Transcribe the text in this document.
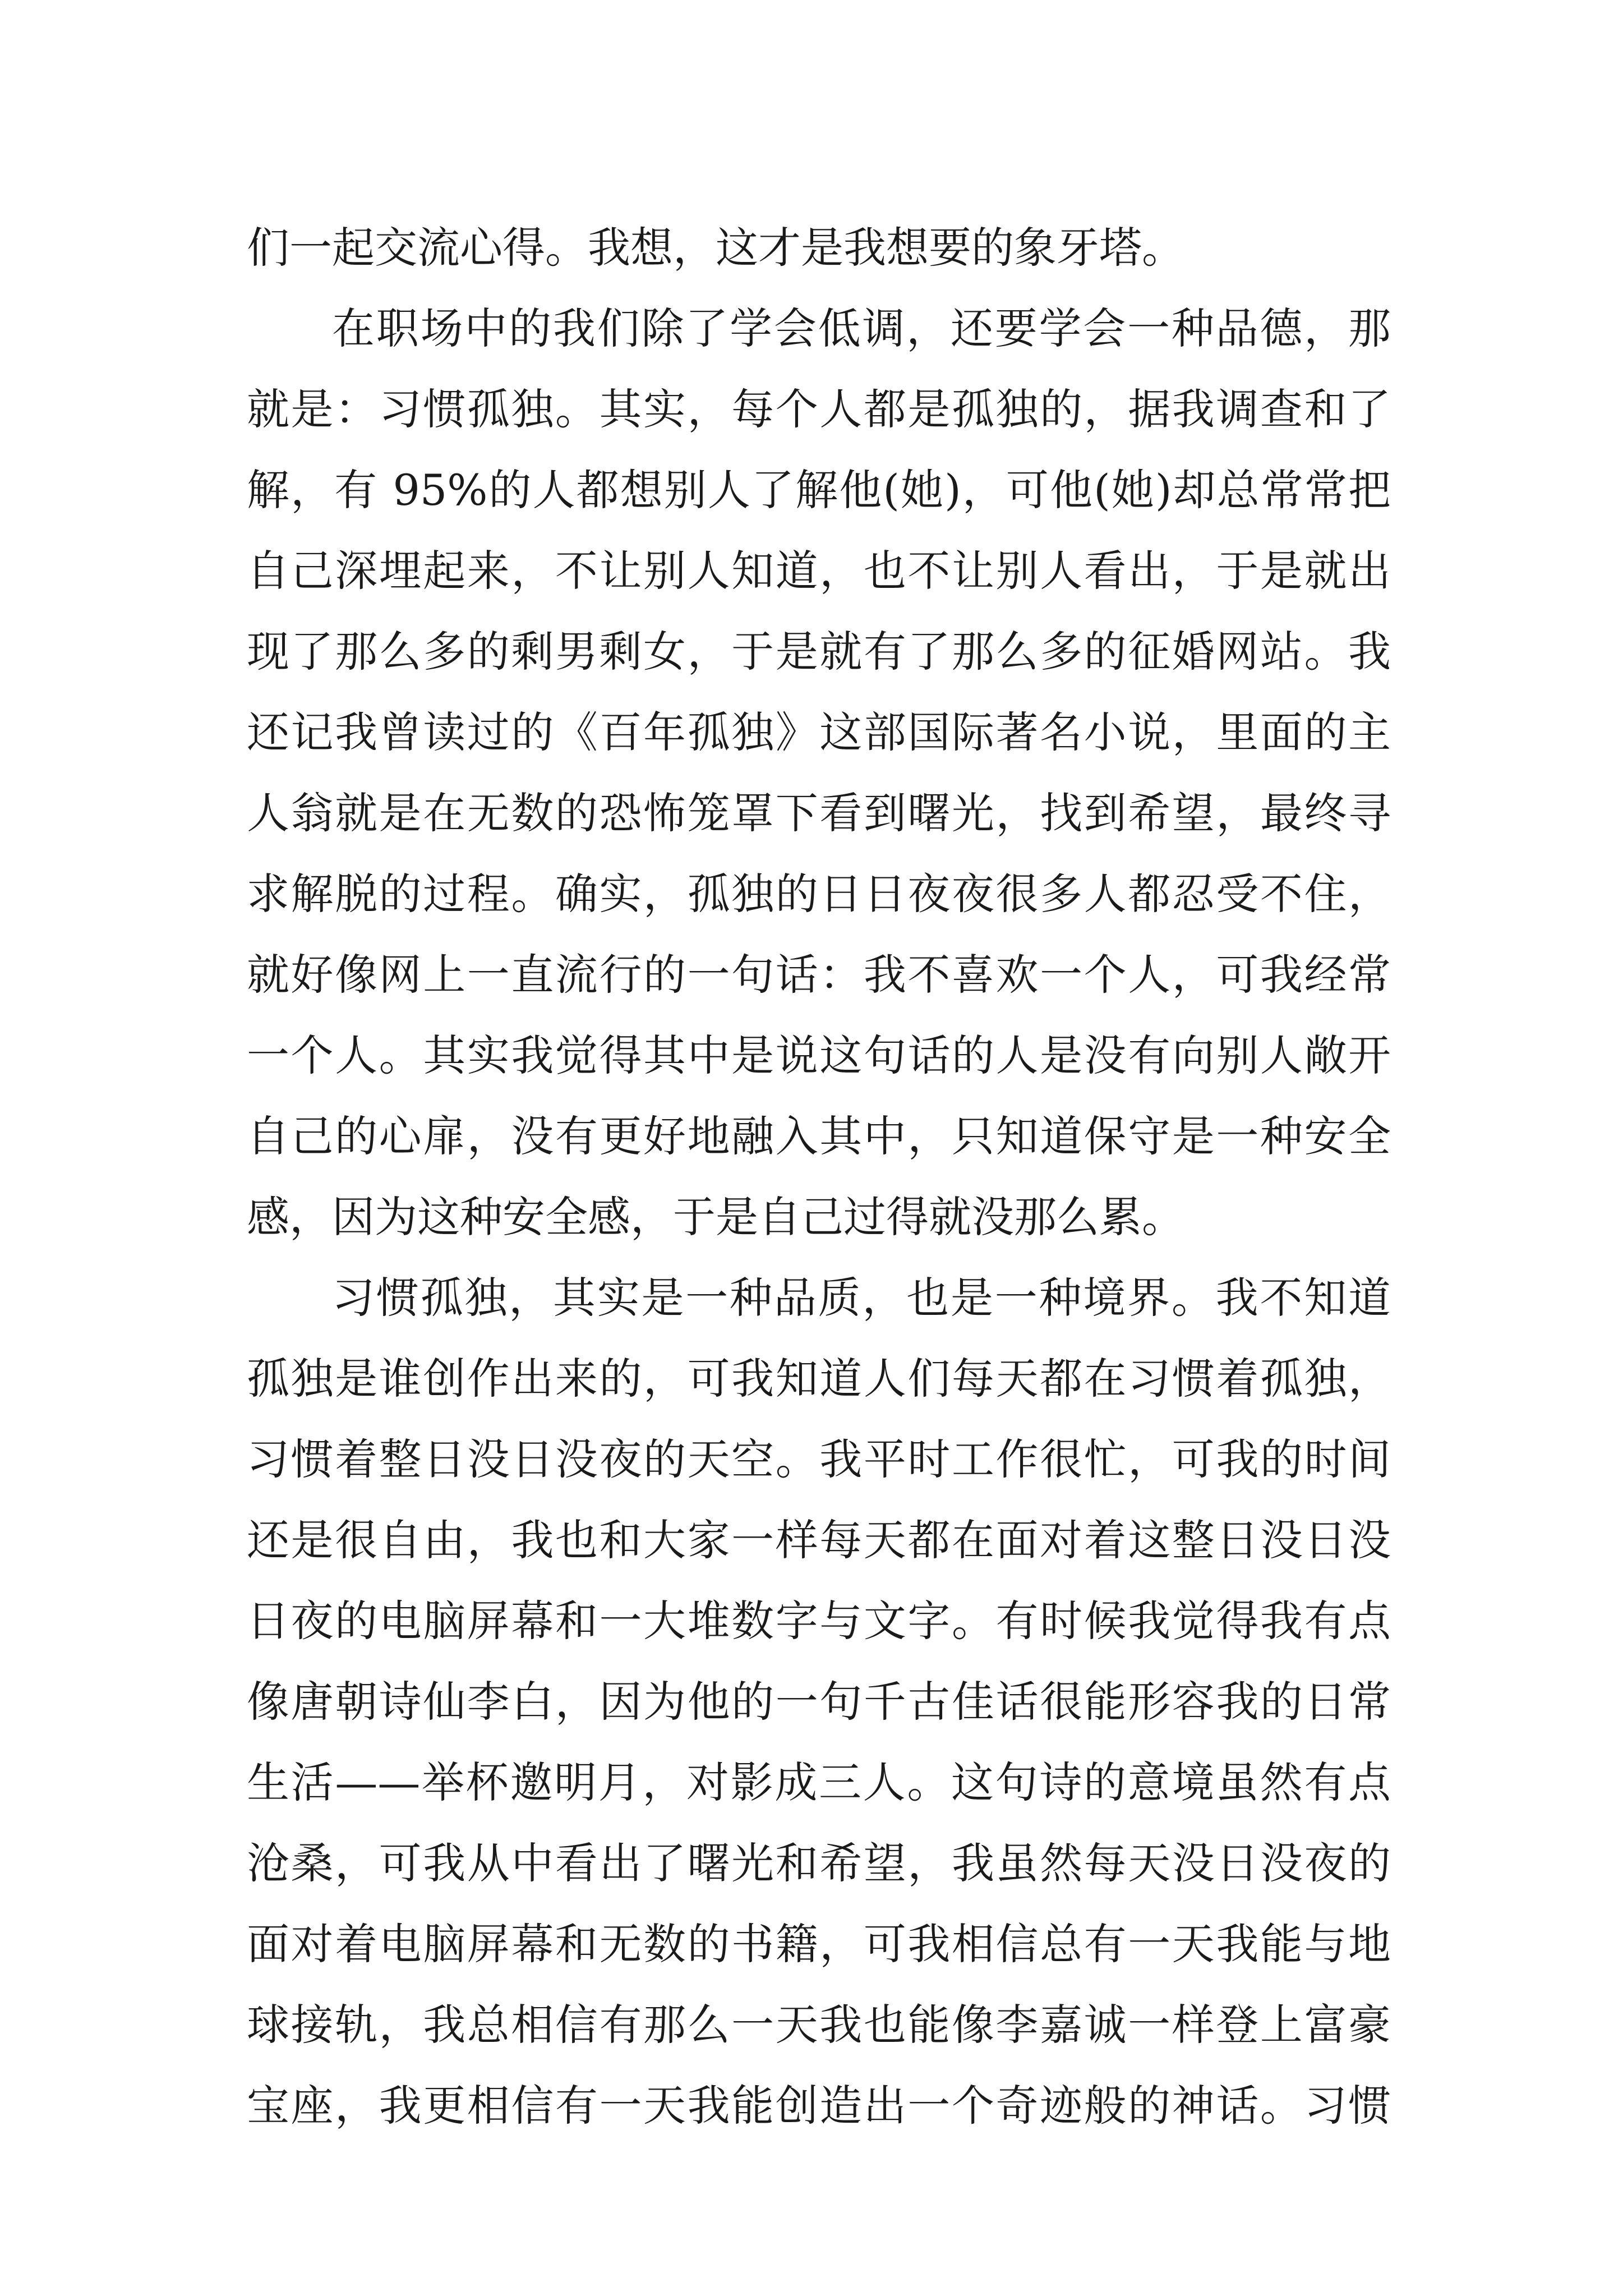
们一起交流心得。我想，这才是我想要的象牙塔。
在职场中的我们除了学会低调，还要学会一种品德，那
就是：习惯孤独。其实，每个人都是孤独的，据我调查和了
解，有 95%的人都想别人了解他(她)，可他(她)却总常常把
自己深埋起来，不让别人知道，也不让别人看出，于是就出
现了那么多的剩男剩女，于是就有了那么多的征婚网站。我
还记我曾读过的《百年孤独》这部国际著名小说，里面的主
人翁就是在无数的恐怖笼罩下看到曙光，找到希望，最终寻
求解脱的过程。确实，孤独的日日夜夜很多人都忍受不住，
就好像网上一直流行的一句话：我不喜欢一个人，可我经常
一个人。其实我觉得其中是说这句话的人是没有向别人敞开
自己的心扉，没有更好地融入其中，只知道保守是一种安全
感，因为这种安全感，于是自己过得就没那么累。
习惯孤独，其实是一种品质，也是一种境界。我不知道
孤独是谁创作出来的，可我知道人们每天都在习惯着孤独，
习惯着整日没日没夜的天空。我平时工作很忙，可我的时间
还是很自由，我也和大家一样每天都在面对着这整日没日没
日夜的电脑屏幕和一大堆数字与文字。有时候我觉得我有点
像唐朝诗仙李白，因为他的一句千古佳话很能形容我的日常
生活——举杯邀明月，对影成三人。这句诗的意境虽然有点
沧桑，可我从中看出了曙光和希望，我虽然每天没日没夜的
面对着电脑屏幕和无数的书籍，可我相信总有一天我能与地
球接轨，我总相信有那么一天我也能像李嘉诚一样登上富豪
宝座，我更相信有一天我能创造出一个奇迹般的神话。习惯
